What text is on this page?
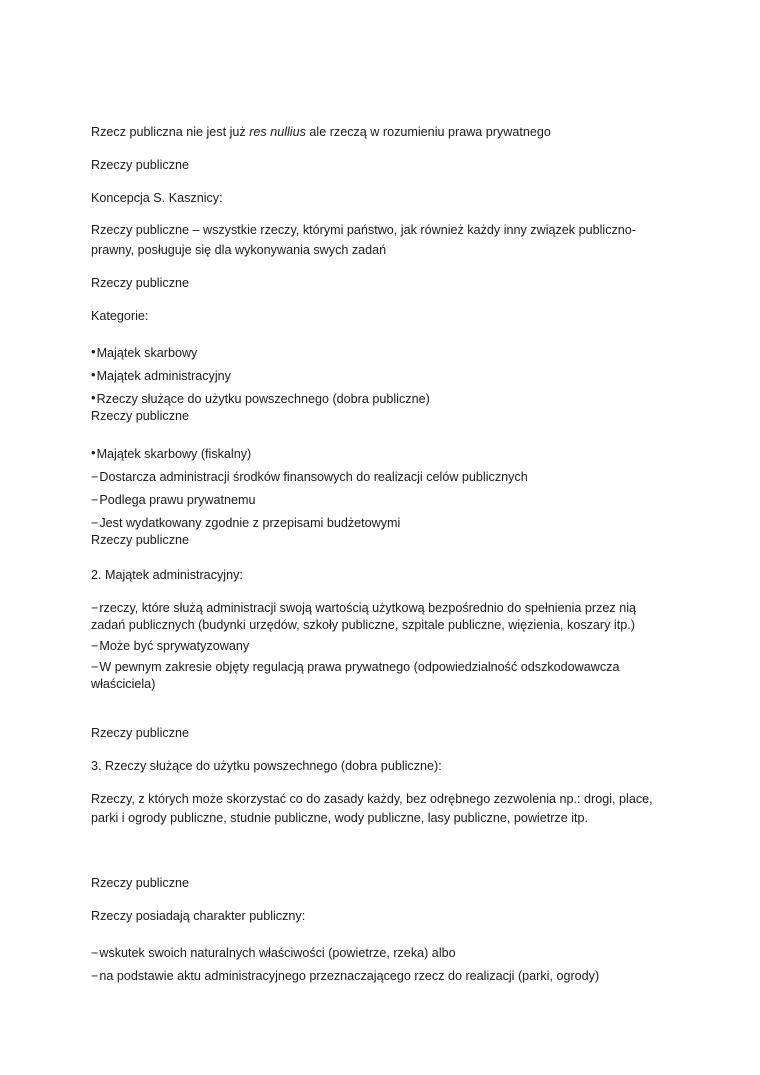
Rzecz publiczna nie jest już res nullius ale rzeczą w rozumieniu prawa prywatnego

Rzeczy publiczne

Koncepcja S. Kasznicy:

Rzeczy publiczne – wszystkie rzeczy, którymi państwo, jak również każdy inny związek publiczno-prawny, posługuje się dla wykonywania swych zadań

Rzeczy publiczne

Kategorie:

• Majątek skarbowy

• Majątek administracyjny

• Rzeczy służące do użytku powszechnego (dobra publiczne)

Rzeczy publiczne

• Majątek skarbowy (fiskalny)

− Dostarcza administracji środków finansowych do realizacji celów publicznych

− Podlega prawu prywatnemu

− Jest wydatkowany zgodnie z przepisami budżetowymi

Rzeczy publiczne

2. Majątek administracyjny:

− rzeczy, które służą administracji swoją wartością użytkową bezpośrednio do spełnienia przez nią

zadań publicznych (budynki urzędów, szkoły publiczne, szpitale publiczne, więzienia, koszary itp.)

− Może być sprywatyzowany

− W pewnym zakresie objęty regulacją prawa prywatnego (odpowiedzialność odszkodowawcza

właściciela)

Rzeczy publiczne

3. Rzeczy służące do użytku powszechnego (dobra publiczne):

Rzeczy, z których może skorzystać co do zasady każdy, bez odrębnego zezwolenia np.: drogi, place,

parki i ogrody publiczne, studnie publiczne, wody publiczne, lasy publiczne, powietrze itp.

Rzeczy publiczne

Rzeczy posiadają charakter publiczny:

− wskutek swoich naturalnych właściwości (powietrze, rzeka) albo

− na podstawie aktu administracyjnego przeznaczającego rzecz do realizacji (parki, ogrody)
